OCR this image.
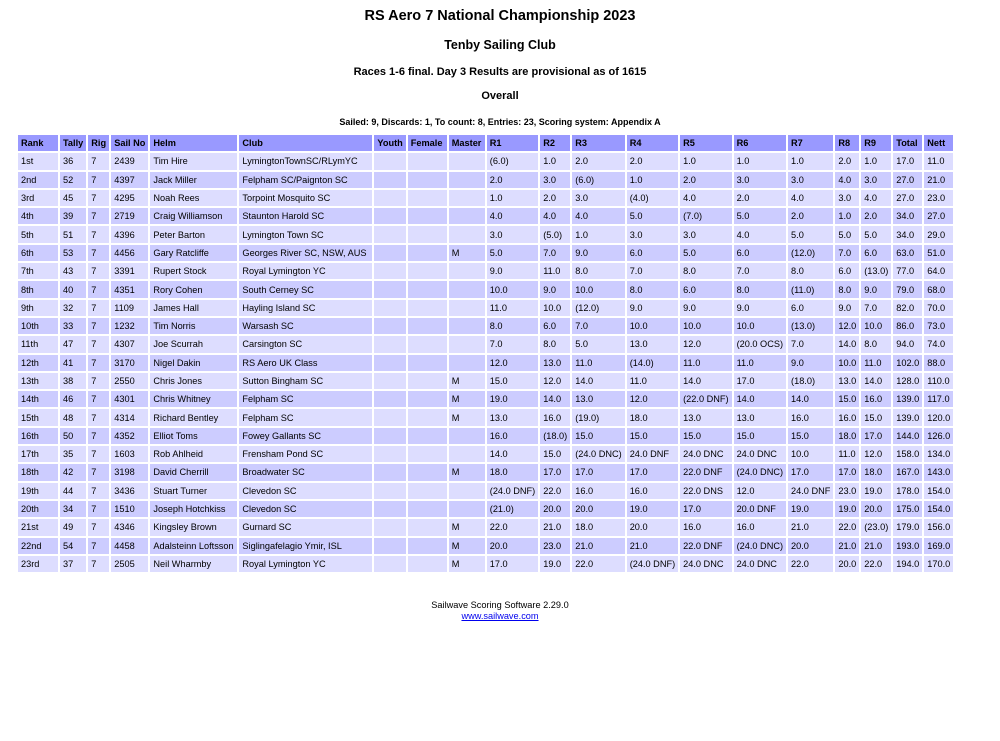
RS Aero 7 National Championship 2023
Tenby Sailing Club
Races 1-6 final. Day 3 Results are provisional as of 1615
Overall
Sailed: 9, Discards: 1, To count: 8, Entries: 23, Scoring system: Appendix A
Rank	Tally	Rig	Sail No	Helm	Club	Youth	Female	Master	R1	R2	R3	R4	R5	R6	R7	R8	R9	Total	Nett
1st	36	7	2439	Tim Hire	LymingtonTownSC/RLymYC				(6.0)	1.0	2.0	2.0	1.0	1.0	1.0	2.0	1.0	17.0	11.0
2nd	52	7	4397	Jack Miller	Felpham SC/Paignton SC				2.0	3.0	(6.0)	1.0	2.0	3.0	3.0	4.0	3.0	27.0	21.0
3rd	45	7	4295	Noah Rees	Torpoint Mosquito SC				1.0	2.0	3.0	(4.0)	4.0	2.0	4.0	3.0	4.0	27.0	23.0
4th	39	7	2719	Craig Williamson	Staunton Harold SC				4.0	4.0	4.0	5.0	(7.0)	5.0	2.0	1.0	2.0	34.0	27.0
5th	51	7	4396	Peter Barton	Lymington Town SC				3.0	(5.0)	1.0	3.0	3.0	4.0	5.0	5.0	5.0	34.0	29.0
6th	53	7	4456	Gary Ratcliffe	Georges River SC, NSW, AUS			M	5.0	7.0	9.0	6.0	5.0	6.0	(12.0)	7.0	6.0	63.0	51.0
7th	43	7	3391	Rupert Stock	Royal Lymington YC				9.0	11.0	8.0	7.0	8.0	7.0	8.0	6.0	(13.0)	77.0	64.0
8th	40	7	4351	Rory Cohen	South Cerney SC				10.0	9.0	10.0	8.0	6.0	8.0	(11.0)	8.0	9.0	79.0	68.0
9th	32	7	1109	James Hall	Hayling Island SC				11.0	10.0	(12.0)	9.0	9.0	9.0	6.0	9.0	7.0	82.0	70.0
10th	33	7	1232	Tim Norris	Warsash SC				8.0	6.0	7.0	10.0	10.0	10.0	(13.0)	12.0	10.0	86.0	73.0
11th	47	7	4307	Joe Scurrah	Carsington SC				7.0	8.0	5.0	13.0	12.0	(20.0 OCS)	7.0	14.0	8.0	94.0	74.0
12th	41	7	3170	Nigel Dakin	RS Aero UK Class				12.0	13.0	11.0	(14.0)	11.0	11.0	9.0	10.0	11.0	102.0	88.0
13th	38	7	2550	Chris Jones	Sutton Bingham SC			M	15.0	12.0	14.0	11.0	14.0	17.0	(18.0)	13.0	14.0	128.0	110.0
14th	46	7	4301	Chris Whitney	Felpham SC			M	19.0	14.0	13.0	12.0	(22.0 DNF)	14.0	14.0	15.0	16.0	139.0	117.0
15th	48	7	4314	Richard Bentley	Felpham SC			M	13.0	16.0	(19.0)	18.0	13.0	13.0	16.0	16.0	15.0	139.0	120.0
16th	50	7	4352	Elliot Toms	Fowey Gallants SC				16.0	(18.0)	15.0	15.0	15.0	15.0	15.0	18.0	17.0	144.0	126.0
17th	35	7	1603	Rob Ahlheid	Frensham Pond SC				14.0	15.0	(24.0 DNC)	24.0 DNF	24.0 DNC	24.0 DNC	10.0	11.0	12.0	158.0	134.0
18th	42	7	3198	David Cherrill	Broadwater SC			M	18.0	17.0	17.0	17.0	22.0 DNF	(24.0 DNC)	17.0	17.0	18.0	167.0	143.0
19th	44	7	3436	Stuart Turner	Clevedon SC				(24.0 DNF)	22.0	16.0	16.0	22.0 DNS	12.0	24.0 DNF	23.0	19.0	178.0	154.0
20th	34	7	1510	Joseph Hotchkiss	Clevedon SC				(21.0)	20.0	20.0	19.0	17.0	20.0 DNF	19.0	19.0	20.0	175.0	154.0
21st	49	7	4346	Kingsley Brown	Gurnard SC			M	22.0	21.0	18.0	20.0	16.0	16.0	21.0	22.0	(23.0)	179.0	156.0
22nd	54	7	4458	Adalsteinn Loftsson	Siglingafelagio Ymir, ISL			M	20.0	23.0	21.0	21.0	22.0 DNF	(24.0 DNC)	20.0	21.0	21.0	193.0	169.0
23rd	37	7	2505	Neil Wharmby	Royal Lymington YC			M	17.0	19.0	22.0	(24.0 DNF)	24.0 DNC	24.0 DNC	22.0	20.0	22.0	194.0	170.0
Sailwave Scoring Software 2.29.0
www.sailwave.com
